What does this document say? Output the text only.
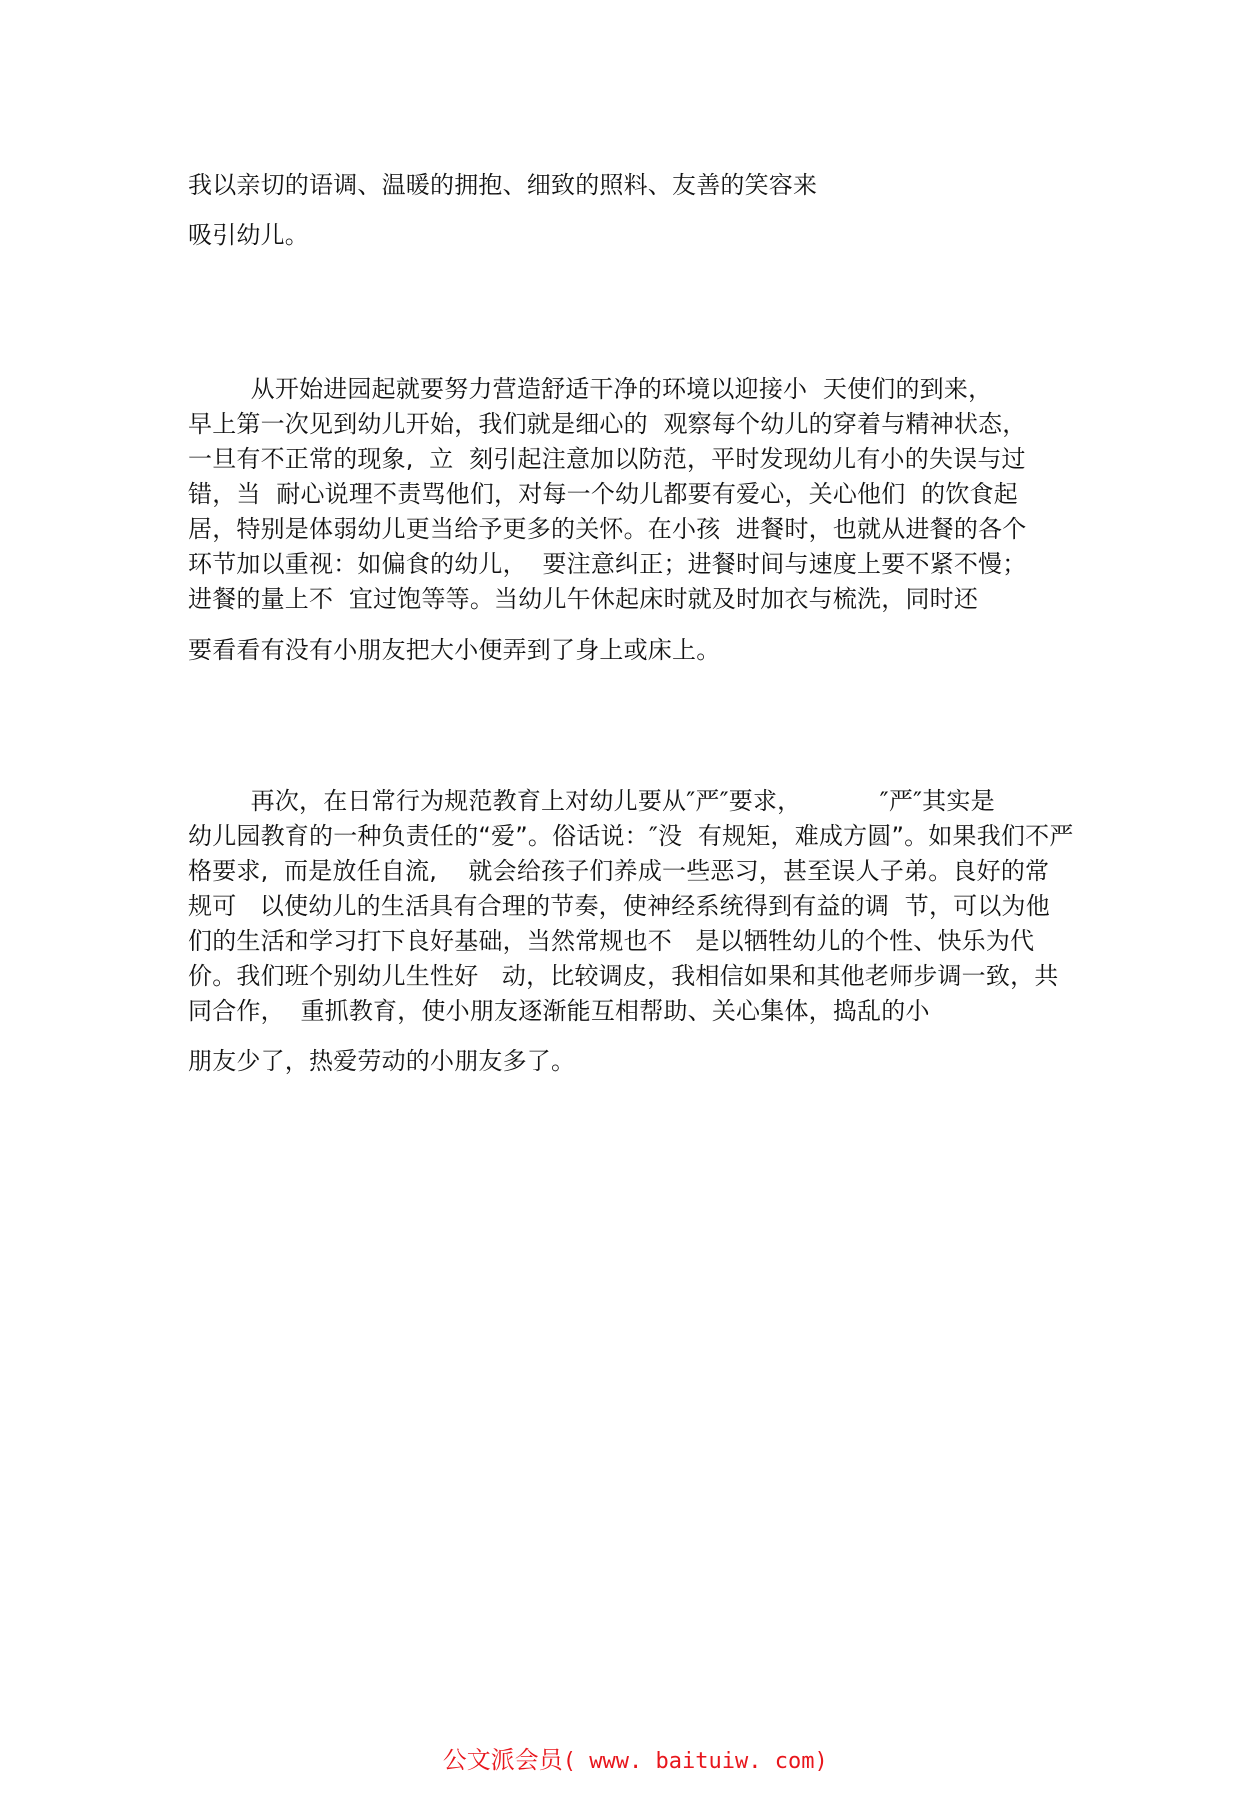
我以亲切的语调、温暖的拥抱、细致的照料、友善的笑容来
吸引幼儿。
从开始进园起就要努力营造舒适干净的环境以迎接小  天使们的到来，
早上第一次见到幼儿开始，我们就是细心的  观察每个幼儿的穿着与精神状态，
一旦有不正常的现象,  立  刻引起注意加以防范，平时发现幼儿有小的失误与过
错，当  耐心说理不责骂他们，对每一个幼儿都要有爱心，关心他们  的饮食起
居，特别是体弱幼儿更当给予更多的关怀。在小孩  进餐时，也就从进餐的各个
环节加以重视：如偏食的幼儿，  要注意纠正；进餐时间与速度上要不紧不慢；
进餐的量上不  宜过饱等等。当幼儿午休起床时就及时加衣与梳洗，同时还
要看看有没有小朋友把大小便弄到了身上或床上。
再次，在日常行为规范教育上对幼儿要从″严″要求，          ″严″其实是
幼儿园教育的一种负责任的“爱”。俗话说：″没  有规矩，难成方圆”。如果我们不严
格要求,  而是放任自流,    就会给孩子们养成一些恶习，甚至误人子弟。良好的常
规可   以使幼儿的生活具有合理的节奏，使神经系统得到有益的调  节，可以为他
们的生活和学习打下良好基础，当然常规也不   是以牺牲幼儿的个性、快乐为代
价。我们班个别幼儿生性好   动，比较调皮，我相信如果和其他老师步调一致，共
同合作，  重抓教育，使小朋友逐渐能互相帮助、关心集体，捣乱的小
朋友少了，热爱劳动的小朋友多了。

公文派会员( www. baituiw. com)
